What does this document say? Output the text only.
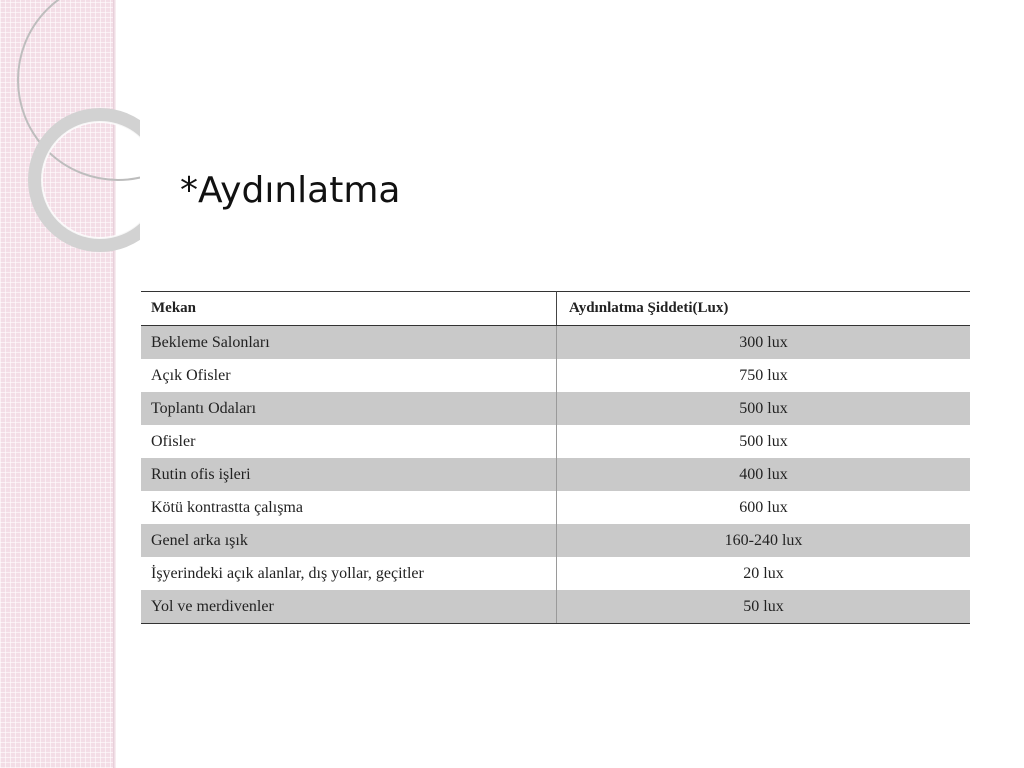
*Aydınlatma
Mekan	Aydınlatma Şiddeti(Lux)
Bekleme Salonları	300 lux
Açık Ofisler	750 lux
Toplantı Odaları	500 lux
Ofisler	500 lux
Rutin ofis işleri	400 lux
Kötü kontrastta çalışma	600 lux
Genel arka ışık	160-240 lux
İşyerindeki açık alanlar, dış yollar, geçitler	20 lux
Yol ve merdivenler	50 lux
